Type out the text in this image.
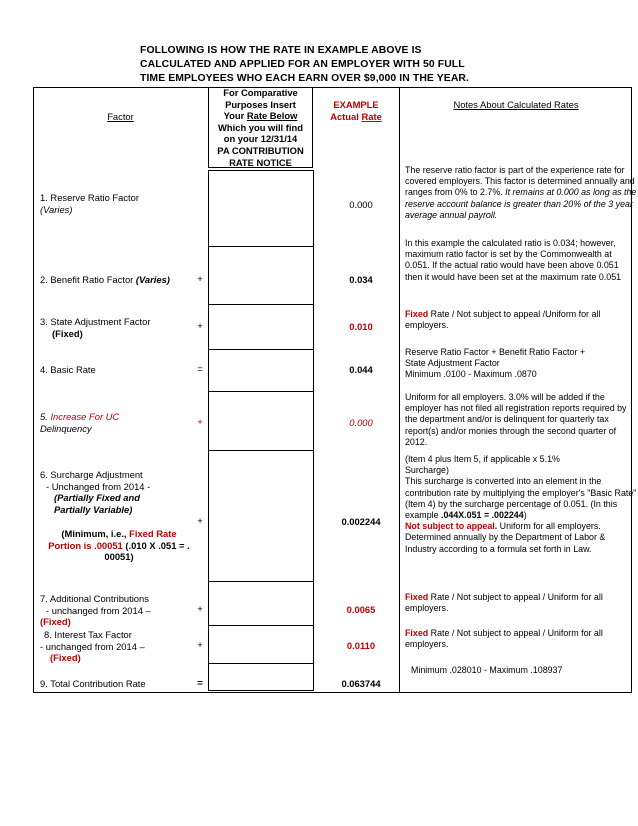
FOLLOWING IS HOW THE RATE IN EXAMPLE ABOVE IS
CALCULATED AND APPLIED FOR AN EMPLOYER WITH 50 FULL
TIME EMPLOYEES WHO EACH EARN OVER $9,000 IN THE YEAR.
Factor
For Comparative
Purposes Insert
Your Rate Below
Which you will find
on your 12/31/14
PA CONTRIBUTION
RATE NOTICE
EXAMPLE
Actual Rate
Notes About Calculated Rates
1. Reserve Ratio Factor
(Varies)	0.000
The reserve ratio factor is part of the experience rate for covered employers. This factor is determined annually and ranges from 0% to 2.7%. It remains at 0.000 as long as the reserve account balance is greater than 20% of the 3 year average annual payroll.
2. Benefit Ratio Factor (Varies)	+	0.034
In this example the calculated ratio is 0.034; however, maximum ratio factor is set by the Commonwealth at 0.051. If the actual ratio would have been above 0.051 then it would have been set at the maximum rate 0.051
3. State Adjustment Factor
(Fixed)
+	0.010
Fixed Rate / Not subject to appeal /Uniform for all employers.
4. Basic Rate	=	0.044
Reserve Ratio Factor + Benefit Ratio Factor +
State Adjustment Factor
Minimum .0100 - Maximum .0870
5. Increase For UC
Delinquency
+	0.000
Uniform for all employers. 3.0% will be added if the employer has not filed all registration reports required by the department and/or is delinquent for quarterly tax report(s) and/or monies through the second quarter of 2012.
6. Surcharge Adjustment
- Unchanged from 2014 -
(Partially Fixed and
Partially Variable)
(Minimum, i.e., Fixed Rate
Portion is .00051 (.010 X .051 = .
00051)
+	0.002244
(Item 4 plus Item 5, if applicable x 5.1%
Surcharge)
This surcharge is converted into an element in the contribution rate by multiplying the employer's "Basic Rate" (Item 4) by the surcharge percentage of 0.051. (In this example .044X.051 = .002244)
Not subject to appeal. Uniform for all employers. Determined annually by the Department of Labor & Industry according to a formula set forth in Law.
7. Additional Contributions
- unchanged from 2014 –
(Fixed)
+	0.0065
Fixed Rate / Not subject to appeal / Uniform for all employers.
8. Interest Tax Factor
- unchanged from 2014 –
(Fixed)
+	0.0110
Fixed Rate / Not subject to appeal / Uniform for all employers.
9. Total Contribution Rate	=	0.063744
Minimum .028010 - Maximum .108937
